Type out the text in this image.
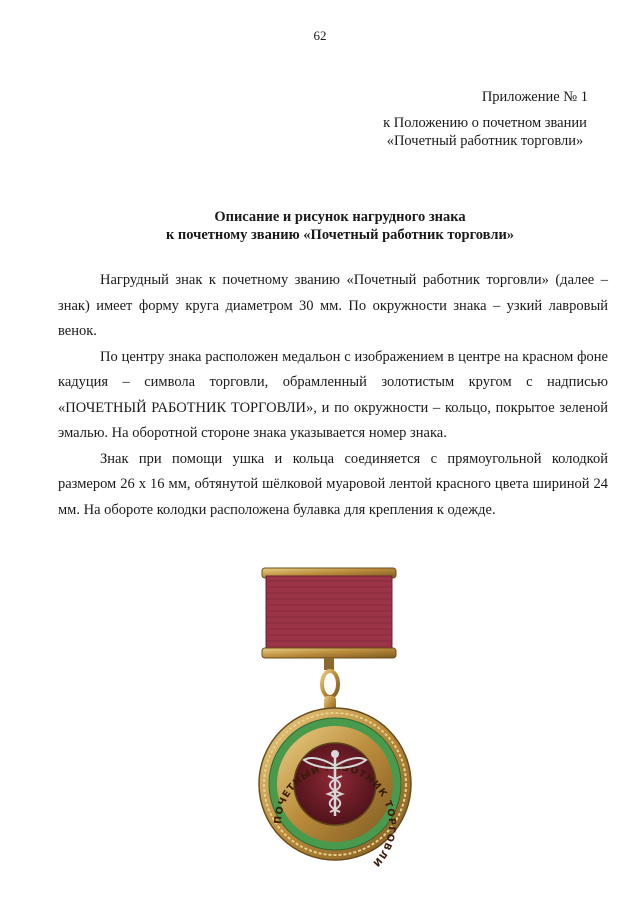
62
Приложение № 1
к Положению о почетном звании
«Почетный работник торговли»
Описание и рисунок нагрудного знака
к почетному званию «Почетный работник торговли»

Нагрудный знак к почетному званию «Почетный работник торговли» (далее – знак) имеет форму круга диаметром 30 мм. По окружности знака – узкий лавровый венок.

По центру знака расположен медальон с изображением в центре на красном фоне кадуция – символа торговли, обрамленный золотистым кругом с надписью «ПОЧЕТНЫЙ РАБОТНИК ТОРГОВЛИ», и по окружности – кольцо, покрытое зеленой эмалью. На оборотной стороне знака указывается номер знака.

Знак при помощи ушка и кольца соединяется с прямоугольной колодкой размером 26 х 16 мм, обтянутой шёлковой муаровой лентой красного цвета шириной 24 мм. На обороте колодки расположена булавка для крепления к одежде.

ПОЧЕТНЫЙ РАБОТНИК ТОРГОВЛИ
